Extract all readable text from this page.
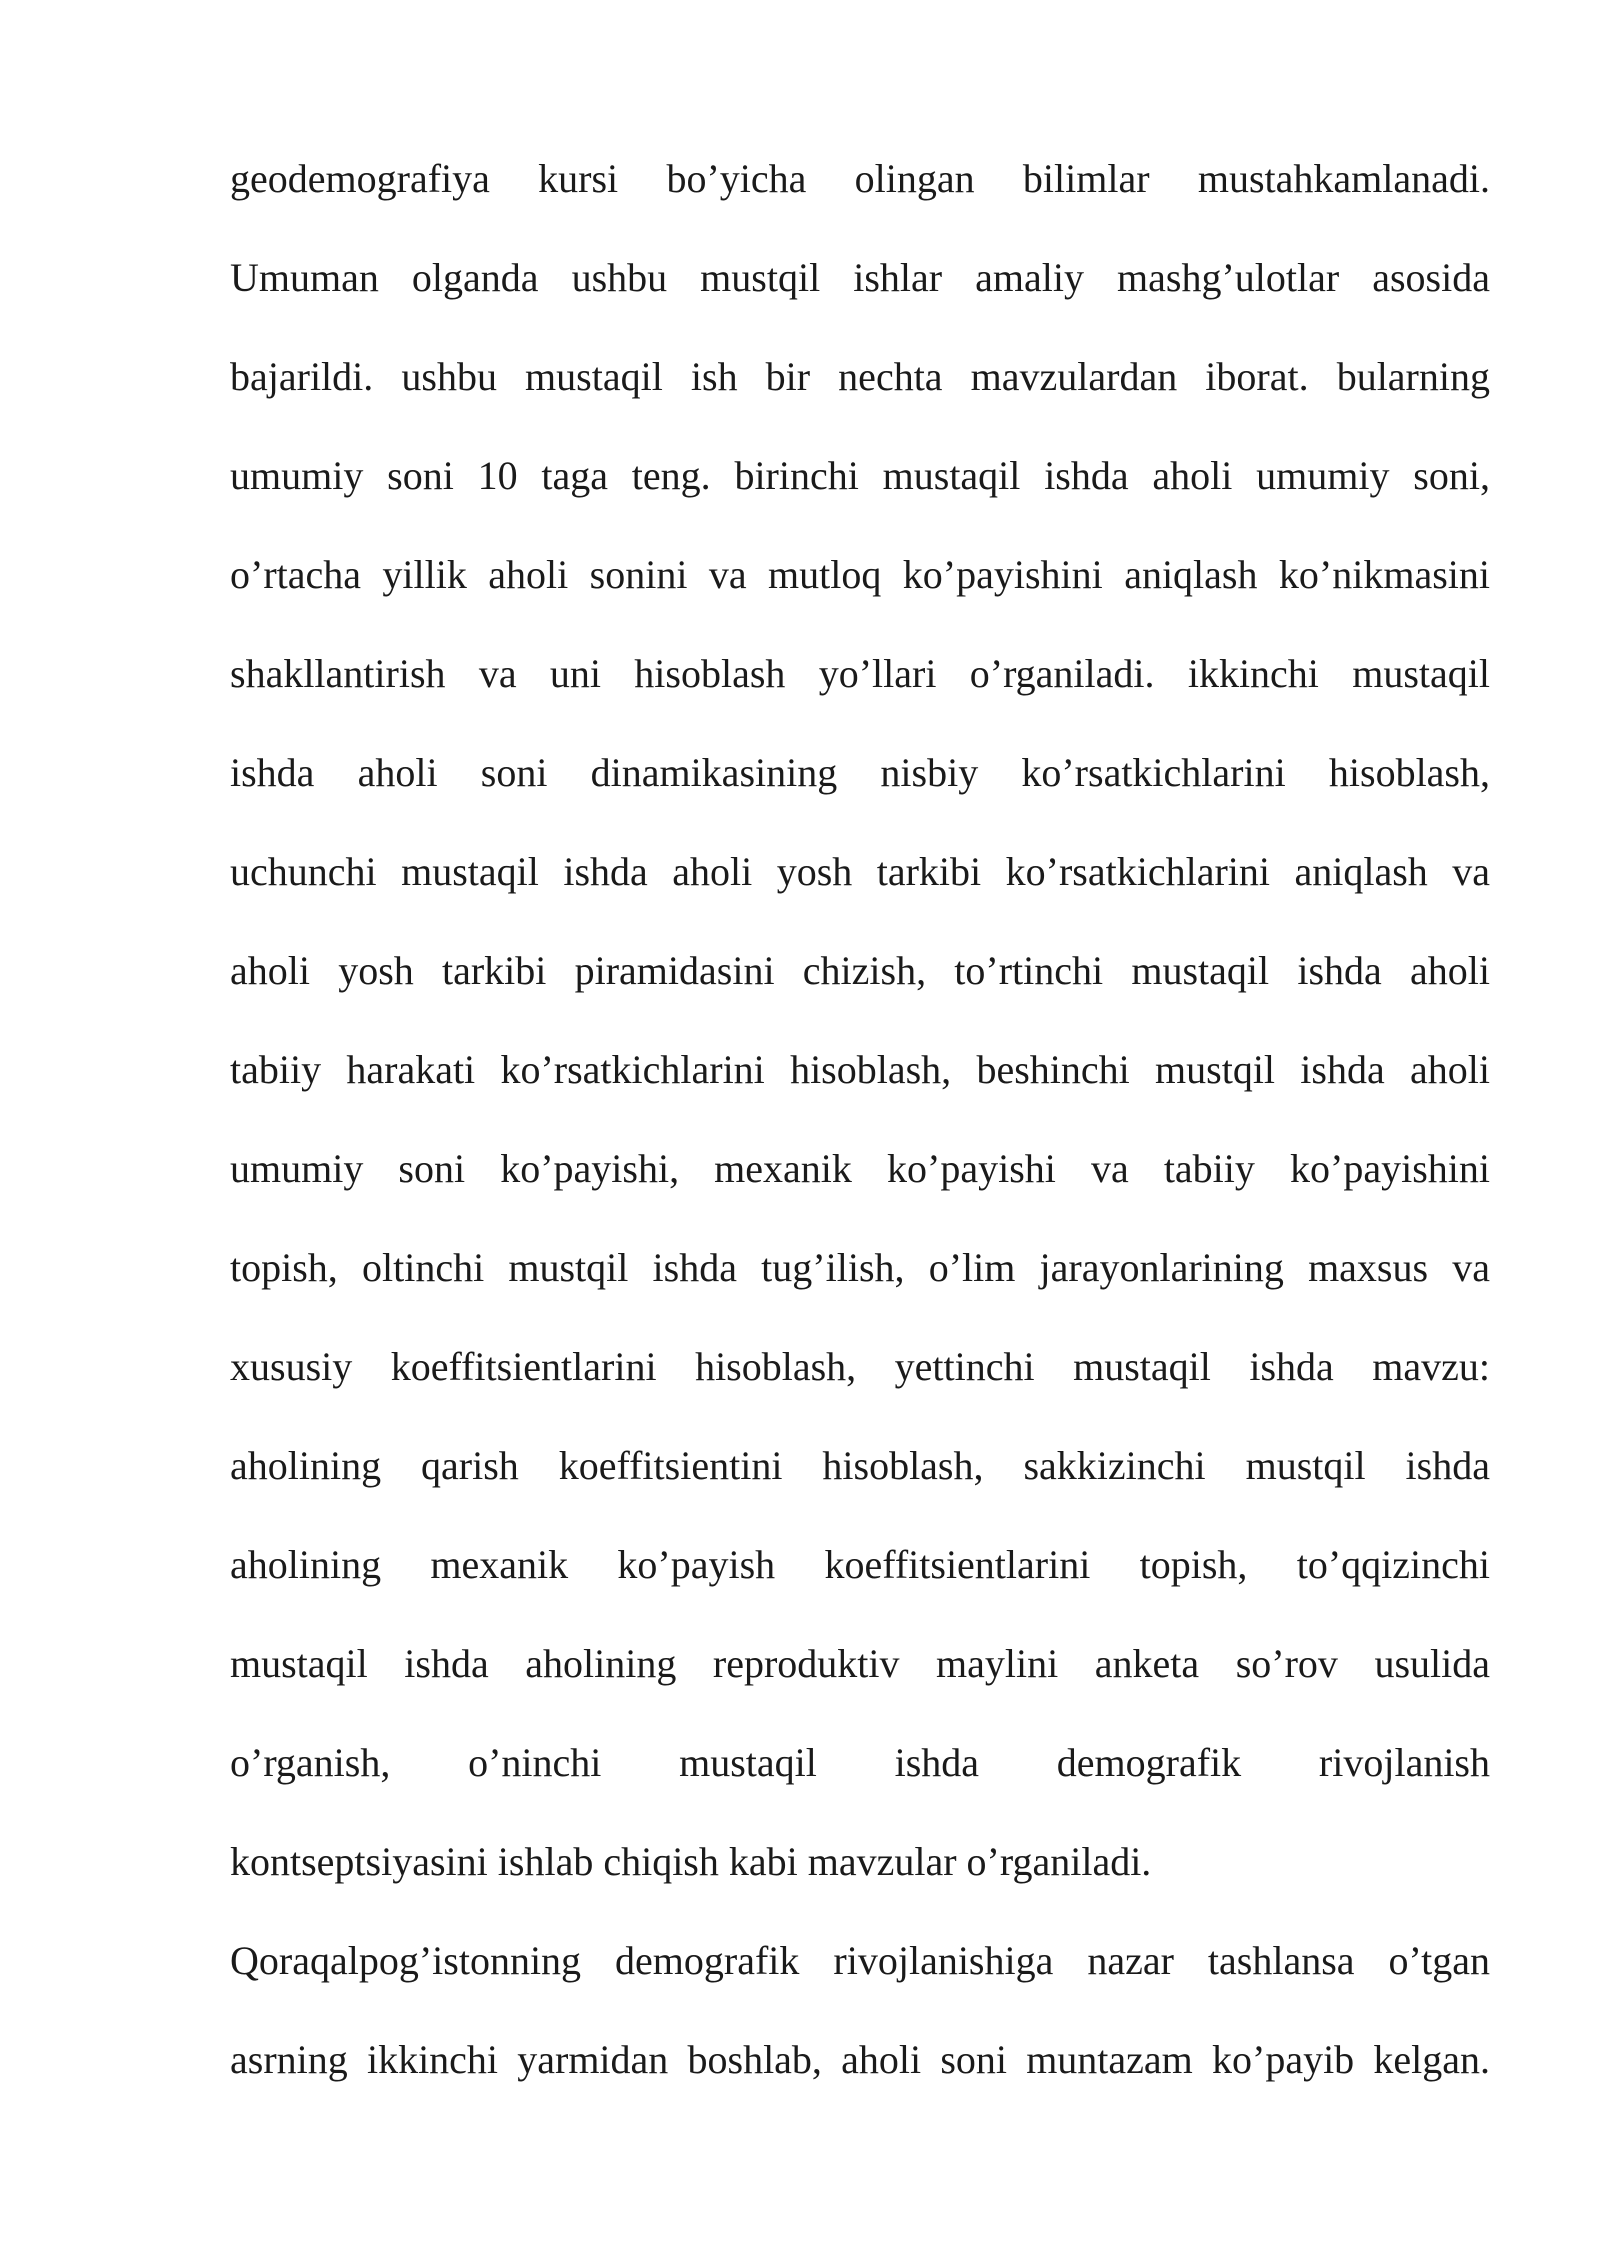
geodemografiya kursi bo’yicha olingan bilimlar mustahkamlanadi.
Umuman olganda ushbu mustqil ishlar amaliy mashg’ulotlar asosida
bajarildi. ushbu mustaqil ish bir nechta mavzulardan iborat. bularning
umumiy soni 10 taga teng. birinchi mustaqil ishda aholi umumiy soni,
o’rtacha yillik aholi sonini va mutloq ko’payishini aniqlash ko’nikmasini
shakllantirish va uni hisoblash yo’llari o’rganiladi. ikkinchi mustaqil
ishda aholi soni dinamikasining nisbiy ko’rsatkichlarini hisoblash,
uchunchi mustaqil ishda aholi yosh tarkibi ko’rsatkichlarini aniqlash va
aholi yosh tarkibi piramidasini chizish, to’rtinchi mustaqil ishda aholi
tabiiy harakati ko’rsatkichlarini hisoblash, beshinchi mustqil ishda aholi
umumiy soni ko’payishi, mexanik ko’payishi va tabiiy ko’payishini
topish, oltinchi mustqil ishda tug’ilish, o’lim jarayonlarining maxsus va
xususiy koeffitsientlarini hisoblash, yettinchi mustaqil ishda mavzu:
aholining qarish koeffitsientini hisoblash, sakkizinchi mustqil ishda
aholining mexanik ko’payish koeffitsientlarini topish, to’qqizinchi
mustaqil ishda aholining reproduktiv maylini anketa so’rov usulida
o’rganish, o’ninchi mustaqil ishda demografik rivojlanish
kontseptsiyasini ishlab chiqish kabi mavzular o’rganiladi.
Qoraqalpog’istonning demografik rivojlanishiga nazar tashlansa o’tgan
asrning ikkinchi yarmidan boshlab, aholi soni muntazam ko’payib kelgan.
